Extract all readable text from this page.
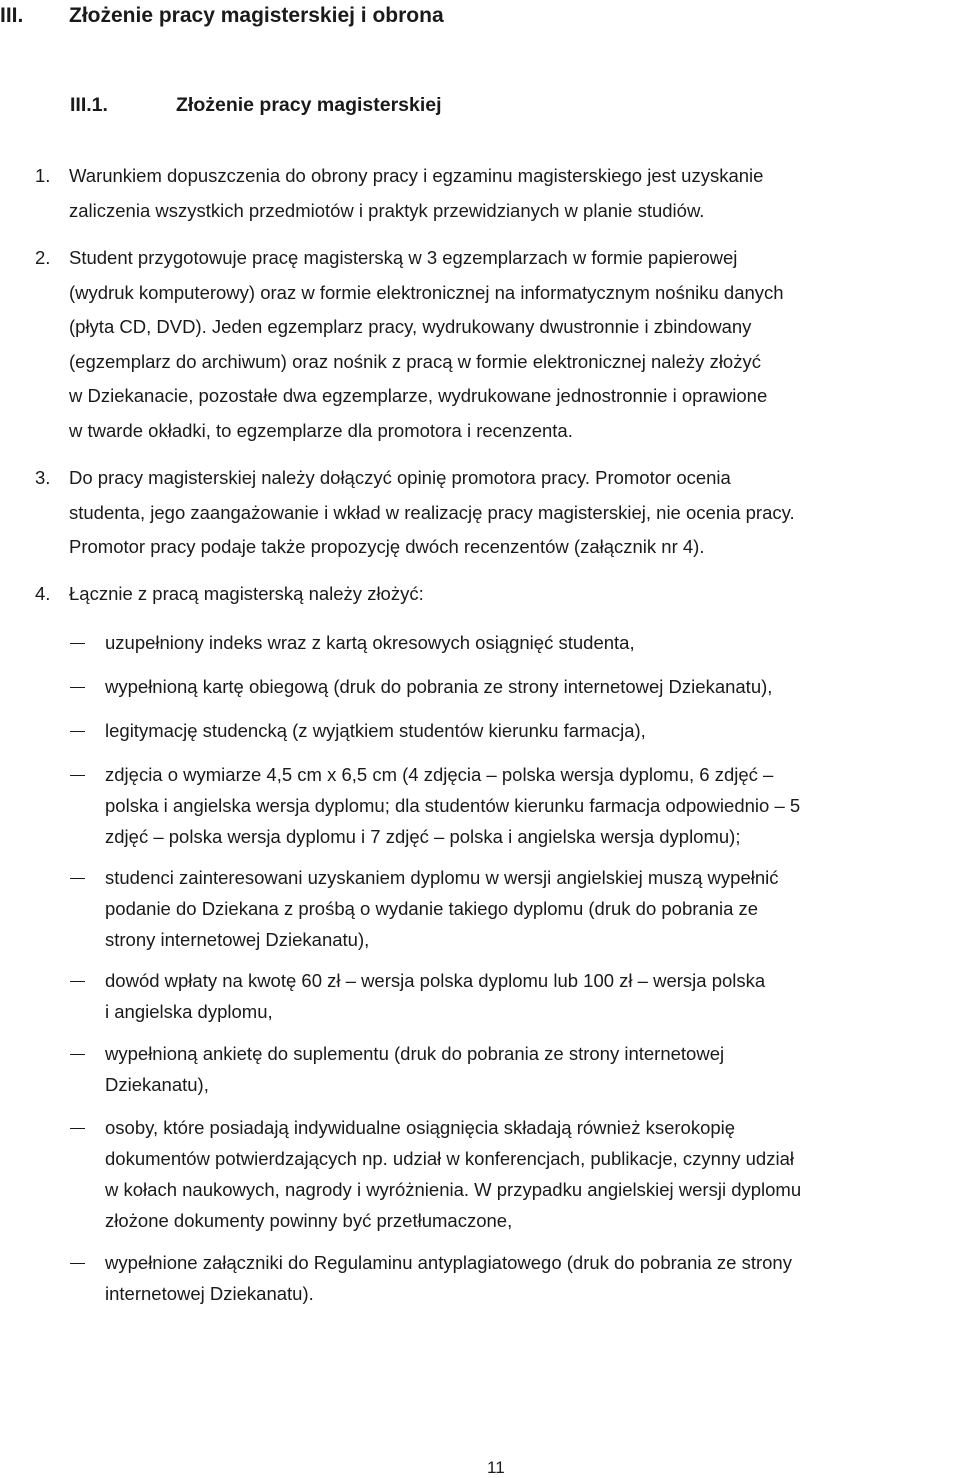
III. Złożenie pracy magisterskiej i obrona
III.1.	Złożenie pracy magisterskiej
1. Warunkiem dopuszczenia do obrony pracy i egzaminu magisterskiego jest uzyskanie
zaliczenia wszystkich przedmiotów i praktyk przewidzianych w planie studiów.
2. Student przygotowuje pracę magisterską w 3 egzemplarzach w formie papierowej
(wydruk komputerowy) oraz w formie elektronicznej na informatycznym nośniku danych
(płyta CD, DVD). Jeden egzemplarz pracy, wydrukowany dwustronnie i zbindowany
(egzemplarz do archiwum) oraz nośnik z pracą w formie elektronicznej należy złożyć
w Dziekanacie, pozostałe dwa egzemplarze, wydrukowane jednostronnie i oprawione
w twarde okładki, to egzemplarze dla promotora i recenzenta.
3. Do pracy magisterskiej należy dołączyć opinię promotora pracy. Promotor ocenia
studenta, jego zaangażowanie i wkład w realizację pracy magisterskiej, nie ocenia pracy.
Promotor pracy podaje także propozycję dwóch recenzentów (załącznik nr 4).
4. Łącznie z pracą magisterską należy złożyć:
uzupełniony indeks wraz z kartą okresowych osiągnięć studenta,
wypełnioną kartę obiegową (druk do pobrania ze strony internetowej Dziekanatu),
legitymację studencką (z wyjątkiem studentów kierunku farmacja),
zdjęcia o wymiarze 4,5 cm x 6,5 cm (4 zdjęcia – polska wersja dyplomu, 6 zdjęć –
polska i angielska wersja dyplomu; dla studentów kierunku farmacja odpowiednio – 5
zdjęć – polska wersja dyplomu i 7 zdjęć – polska i angielska wersja dyplomu);
studenci zainteresowani uzyskaniem dyplomu w wersji angielskiej muszą wypełnić
podanie do Dziekana z prośbą o wydanie takiego dyplomu (druk do pobrania ze
strony internetowej Dziekanatu),
dowód wpłaty na kwotę 60 zł – wersja polska dyplomu lub 100 zł – wersja polska
i angielska dyplomu,
wypełnioną ankietę do suplementu (druk do pobrania ze strony internetowej
Dziekanatu),
osoby, które posiadają indywidualne osiągnięcia składają również kserokopię
dokumentów potwierdzających np. udział w konferencjach, publikacje, czynny udział
w kołach naukowych, nagrody i wyróżnienia. W przypadku angielskiej wersji dyplomu
złożone dokumenty powinny być przetłumaczone,
wypełnione załączniki do Regulaminu antyplagiatowego (druk do pobrania ze strony
internetowej Dziekanatu).
11
